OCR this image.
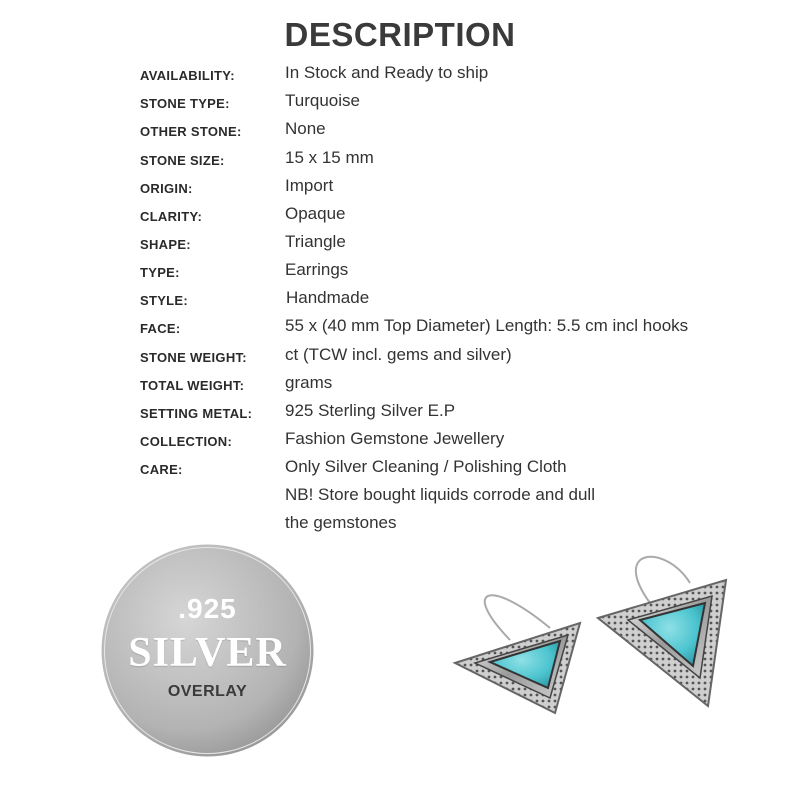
DESCRIPTION
AVAILABILITY:	In Stock and Ready to ship
STONE TYPE:	Turquoise
OTHER STONE:	None
STONE SIZE:	15 x 15 mm
ORIGIN:	Import
CLARITY:	Opaque
SHAPE:	Triangle
TYPE:	Earrings
STYLE:	Handmade
FACE:	55 x (40 mm Top Diameter) Length: 5.5 cm incl hooks
STONE WEIGHT: ct (TCW incl. gems and silver)
TOTAL WEIGHT: grams
SETTING METAL: 925 Sterling Silver E.P
COLLECTION:	Fashion Gemstone Jewellery
CARE:	Only Silver Cleaning / Polishing Cloth
NB! Store bought liquids corrode and dull
the gemstones
.925
SILVER
OVERLAY
